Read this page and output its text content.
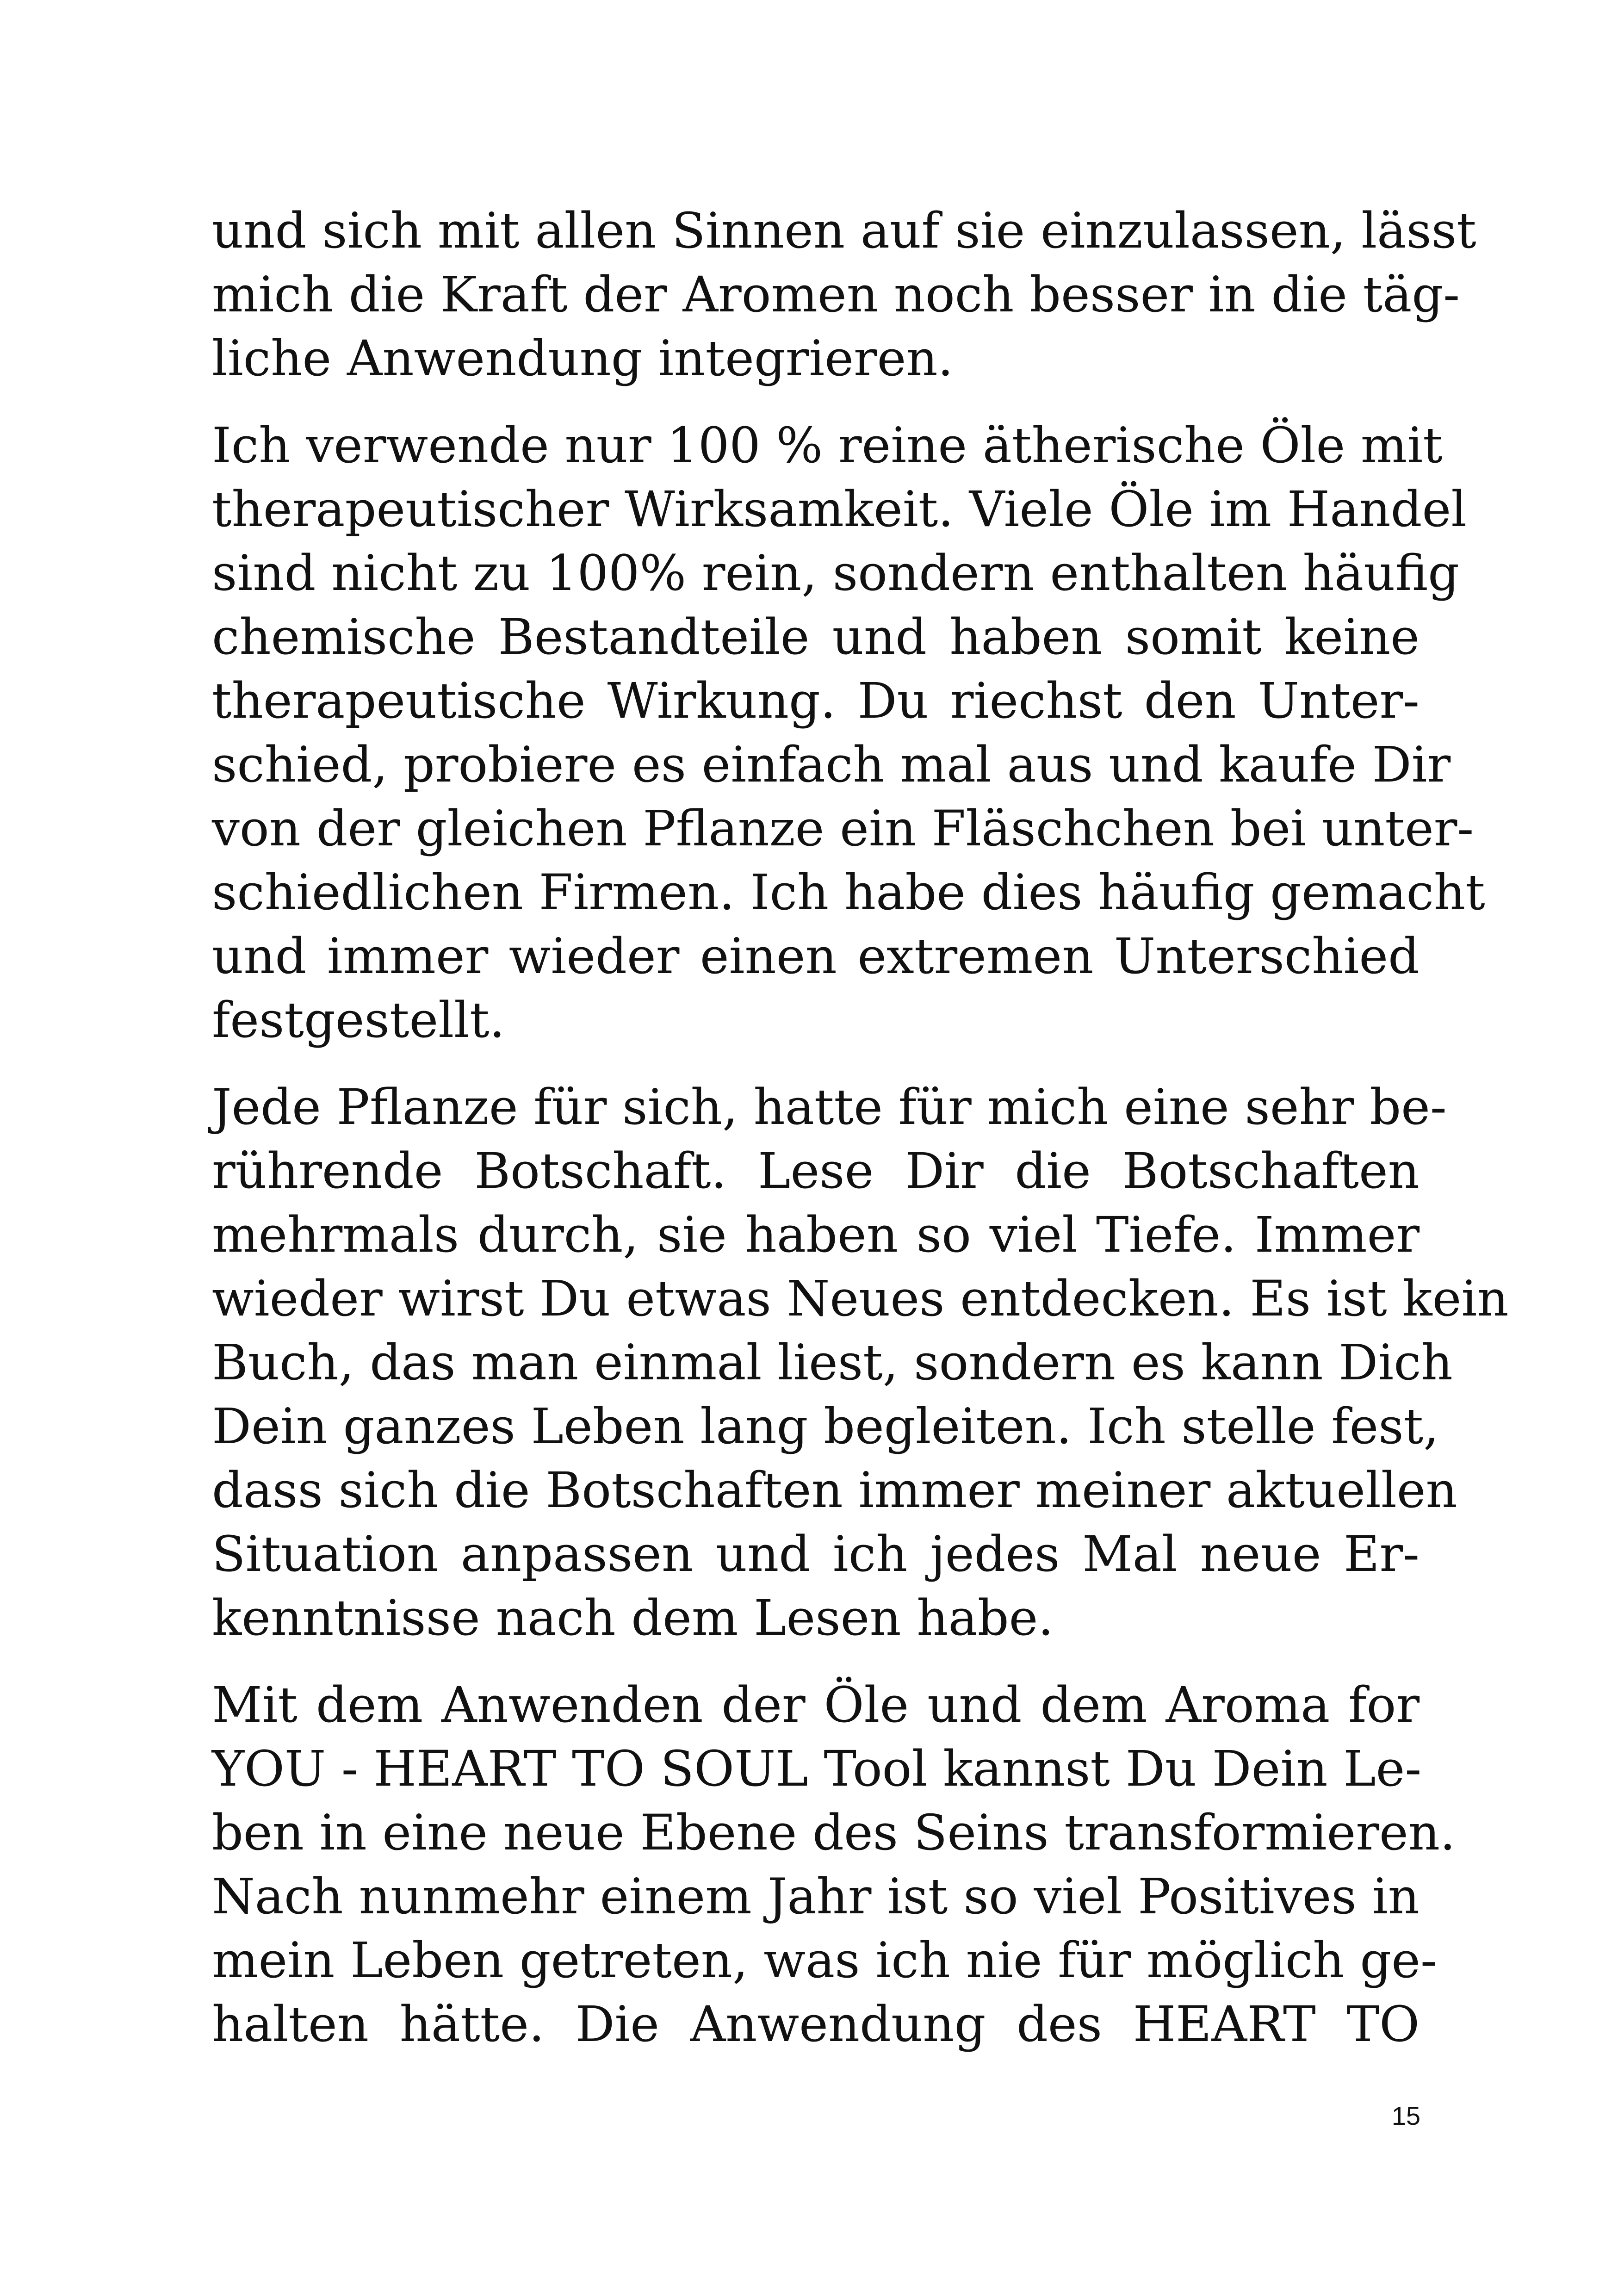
und sich mit allen Sinnen auf sie einzulassen, lässt
mich die Kraft der Aromen noch besser in die täg-
liche Anwendung integrieren.
Ich verwende nur 100 % reine ätherische Öle mit
therapeutischer Wirksamkeit. Viele Öle im Handel
sind nicht zu 100% rein, sondern enthalten häufig
chemische Bestandteile und haben somit keine
therapeutische Wirkung. Du riechst den Unter-
schied, probiere es einfach mal aus und kaufe Dir
von der gleichen Pflanze ein Fläschchen bei unter-
schiedlichen Firmen. Ich habe dies häufig gemacht
und immer wieder einen extremen Unterschied
festgestellt.
Jede Pflanze für sich, hatte für mich eine sehr be-
rührende Botschaft. Lese Dir die Botschaften
mehrmals durch, sie haben so viel Tiefe. Immer
wieder wirst Du etwas Neues entdecken. Es ist kein
Buch, das man einmal liest, sondern es kann Dich
Dein ganzes Leben lang begleiten. Ich stelle fest,
dass sich die Botschaften immer meiner aktuellen
Situation anpassen und ich jedes Mal neue Er-
kenntnisse nach dem Lesen habe.
Mit dem Anwenden der Öle und dem Aroma for
YOU - HEART TO SOUL Tool kannst Du Dein Le-
ben in eine neue Ebene des Seins transformieren.
Nach nunmehr einem Jahr ist so viel Positives in
mein Leben getreten, was ich nie für möglich ge-
halten hätte. Die Anwendung des HEART TO
15
